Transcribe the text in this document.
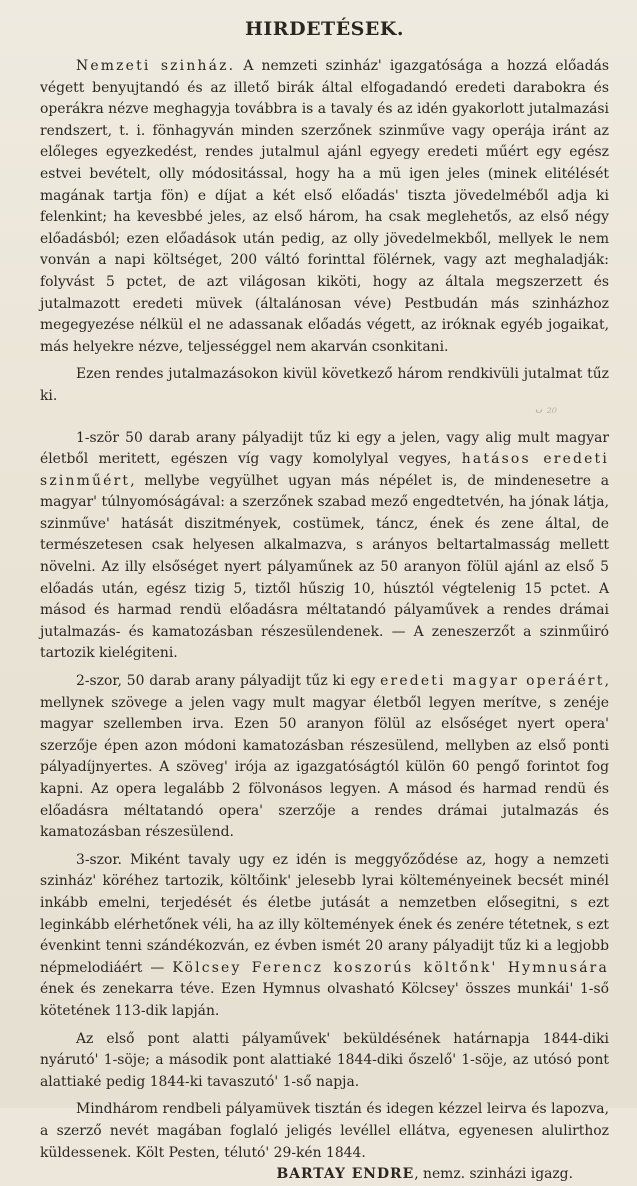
HIRDETÉSEK.

Nemzeti szinház. A nemzeti szinház' igazgatósága a hozzá előadás végett benyujtandó és az illető birák által elfogadandó eredeti darabokra és operákra nézve meghagyja továbbra is a tavaly és az idén gyakorlott jutalmazási rendszert, t. i. fönhagyván minden szerzőnek szinműve vagy operája iránt az előleges egyezkedést, rendes jutalmul ajánl egyegy eredeti műért egy egész estvei bevételt, olly módositással, hogy ha a mü igen jeles (minek elitélését magának tartja fön) e díjat a két első előadás' tiszta jövedelméből adja ki felenkint; ha kevesbbé jeles, az első három, ha csak meglehetős, az első négy előadásból; ezen előadások után pedig, az olly jövedelmekből, mellyek le nem vonván a napi költséget, 200 váltó forinttal fölérnek, vagy azt meghaladják: folyvást 5 pctet, de azt világosan kiköti, hogy az általa megszerzett és jutalmazott eredeti müvek (általánosan véve) Pestbudán más szinházhoz megegyezése nélkül el ne adassanak előadás végett, az iróknak egyéb jogaikat, más helyekre nézve, teljességgel nem akarván csonkitani.

Ezen rendes jutalmazásokon kivül következő három rendkivüli jutalmat tűz ki.

ᴗ ₂₀

1-ször 50 darab arany pályadijt tűz ki egy a jelen, vagy alig mult magyar életből meritett, egészen víg vagy komolylyal vegyes, hatásos eredeti szinműért, mellybe vegyülhet ugyan más népélet is, de mindenesetre a magyar' túlnyomóságával: a szerzőnek szabad mező engedtetvén, ha jónak látja, szinműve' hatását diszitmények, costümek, táncz, ének és zene által, de természetesen csak helyesen alkalmazva, s arányos beltartalmasság mellett növelni. Az illy elsőséget nyert pályaműnek az 50 aranyon fölül ajánl az első 5 előadás után, egész tizig 5, tiztől hűszig 10, húsztól végtelenig 15 pctet. A másod és harmad rendü előadásra méltatandó pályaművek a rendes drámai jutalmazás- és kamatozásban részesülendenek. — A zeneszerzőt a szinműiró tartozik kielégiteni.

2-szor, 50 darab arany pályadijt tűz ki egy eredeti magyar operáért, mellynek szövege a jelen vagy mult magyar életből legyen merítve, s zenéje magyar szellemben irva. Ezen 50 aranyon fölül az elsőséget nyert opera' szerzője épen azon módoni kamatozásban részesülend, mellyben az első ponti pályadíjnyertes. A szöveg' irója az igazgatóságtól külön 60 pengő forintot fog kapni. Az opera legalább 2 fölvonásos legyen. A másod és harmad rendü és előadásra méltatandó opera' szerzője a rendes drámai jutalmazás és kamatozásban részesülend.

3-szor. Miként tavaly ugy ez idén is meggyőződése az, hogy a nemzeti szinház' köréhez tartozik, költőink' jelesebb lyrai költeményeinek becsét minél inkább emelni, terjedését és életbe jutását a nemzetben elősegitni, s ezt leginkább elérhetőnek véli, ha az illy költemények ének és zenére tétetnek, s ezt évenkint tenni szándékozván, ez évben ismét 20 arany pályadijt tűz ki a legjobb népmelodiáért — Kölcsey Ferencz koszorús költőnk' Hymnusára ének és zenekarra téve. Ezen Hymnus olvasható Kölcsey' összes munkái' 1-ső kötetének 113-dik lapján.

Az első pont alatti pályaművek' beküldésének határnapja 1844-diki nyárutó' 1-söje; a második pont alattiaké 1844-diki őszelő' 1-söje, az utósó pont alattiaké pedig 1844-ki tavaszutó' 1-ső napja.

Mindhárom rendbeli pályamüvek tisztán és idegen kézzel leirva és lapozva, a szerző nevét magában foglaló jeligés levéllel ellátva, egyenesen alulirthoz küldessenek. Költ Pesten, télutó' 29-kén 1844.

BARTAY ENDRE, nemz. szinházi igazg.
